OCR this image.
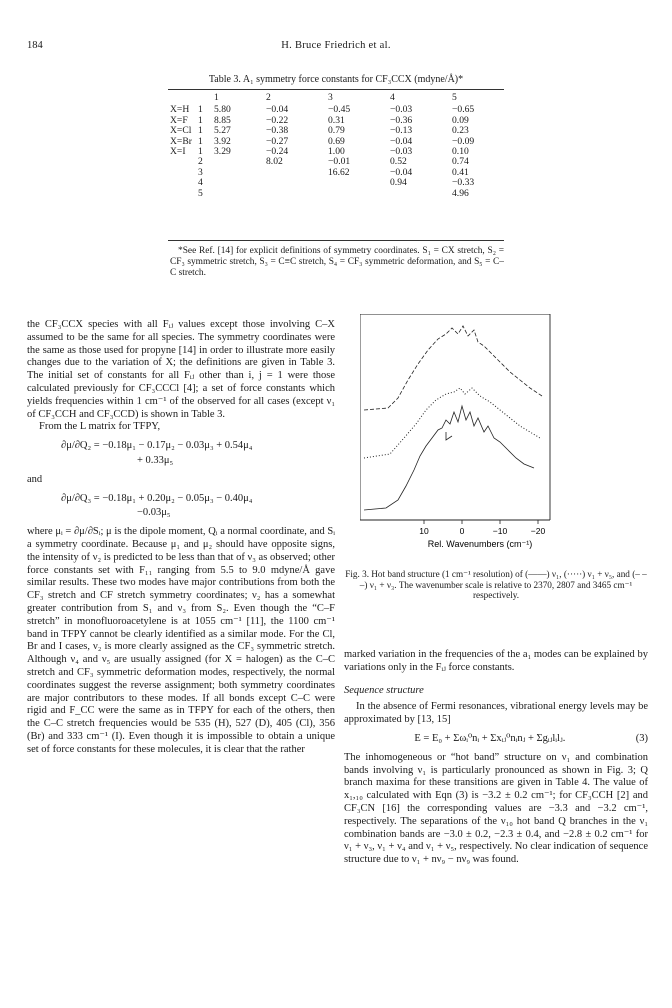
184	H. Bruce Friedrich et al.
Table 3. A₁ symmetry force constants for CF₃CCX (mdyne/Å)*
		1	2	3	4	5
X=H	1	5.80	−0.04	−0.45	−0.03	−0.65
X=F	1	8.85	−0.22	0.31	−0.36	0.09
X=Cl	1	5.27	−0.38	0.79	−0.13	0.23
X=Br	1	3.92	−0.27	0.69	−0.04	−0.09
X=I	1	3.29	−0.24	1.00	−0.03	0.10
	2		8.02	−0.01	0.52	0.74
	3			16.62	−0.04	0.41
	4				0.94	−0.33
	5					4.96
*See Ref. [14] for explicit definitions of symmetry coordinates. S₁ = CX stretch, S₂ = CF₃ symmetric stretch, S₃ = C≡C stretch, S₄ = CF₃ symmetric deformation, and S₅ = C–C stretch.

the CF₃CCX species with all Fᵢⱼ values except those involving C–X assumed to be the same for all species. The symmetry coordinates were the same as those used for propyne [14] in order to illustrate more easily changes due to the variation of X; the definitions are given in Table 3. The initial set of constants for all Fᵢⱼ other than i, j = 1 were those calculated previously for CF₃CCCl [4]; a set of force constants which yields frequencies within 1 cm⁻¹ of the observed for all cases (except ν₁ of CF₃CCH and CF₃CCD) is shown in Table 3.

From the L matrix for TFPY,

∂μ/∂Q₂ = −0.18μ₁ − 0.17μ₂ − 0.03μ₃ + 0.54μ₄

+ 0.33μ₅

and

∂μ/∂Q₃ = −0.18μ₁ + 0.20μ₂ − 0.05μ₃ − 0.40μ₄

−0.03μ₅

where μᵢ = ∂μ/∂Sᵢ; μ is the dipole moment, Qᵢ a normal coordinate, and Sᵢ a symmetry coordinate. Because μ₁ and μ₂ should have opposite signs, the intensity of ν₂ is predicted to be less than that of ν₃ as observed; other force constants set with F₁₁ ranging from 5.5 to 9.0 mdyne/Å gave similar results. These two modes have major contributions from both the CF₃ stretch and CF stretch symmetry coordinates; ν₂ has a somewhat greater contribution from S₁ and ν₃ from S₂. Even though the “C–F stretch” in monofluoroacetylene is at 1055 cm⁻¹ [11], the 1100 cm⁻¹ band in TFPY cannot be clearly identified as a similar mode. For the Cl, Br and I cases, ν₂ is more clearly assigned as the CF₃ symmetric stretch. Although ν₄ and ν₅ are usually assigned (for X = halogen) as the C–C stretch and CF₃ symmetric deformation modes, respectively, the normal coordinates suggest the reverse assignment; both symmetry coordinates are major contributors to these modes. If all bonds except C–C were rigid and F_CC were the same as in TFPY for each of the others, then the C–C stretch frequencies would be 535 (H), 527 (D), 405 (Cl), 356 (Br) and 333 cm⁻¹ (I). Even though it is impossible to obtain a unique set of force constants for these molecules, it is clear that the rather

10	0	−10	−20
Rel. Wavenumbers (cm⁻¹)
Fig. 3. Hot band structure (1 cm⁻¹ resolution) of (——) ν₁, (·····) ν₁ + ν₅, and (– – –) ν₁ + ν₃. The wavenumber scale is relative to 2370, 2807 and 3465 cm⁻¹ respectively.

marked variation in the frequencies of the a₁ modes can be explained by variations only in the Fᵢⱼ force constants.

Sequence structure

In the absence of Fermi resonances, vibrational energy levels may be approximated by [13, 15]

E = E₀ + Σωᵢ⁰nᵢ + Σxᵢⱼ⁰nᵢnⱼ + Σgᵢⱼlᵢlⱼ.	(3)

The inhomogeneous or “hot band” structure on ν₁ and combination bands involving ν₁ is particularly pronounced as shown in Fig. 3; Q branch maxima for these transitions are given in Table 4. The value of x₁,₁₀ calculated with Eqn (3) is −3.2 ± 0.2 cm⁻¹; for CF₃CCH [2] and CF₃CN [16] the corresponding values are −3.3 and −3.2 cm⁻¹, respectively. The separations of the ν₁₀ hot band Q branches in the ν₁ combination bands are −3.0 ± 0.2, −2.3 ± 0.4, and −2.8 ± 0.2 cm⁻¹ for ν₁ + ν₃, ν₁ + ν₄ and ν₁ + ν₅, respectively. No clear indication of sequence structure due to ν₁ + nν₉ − nν₉ was found.
